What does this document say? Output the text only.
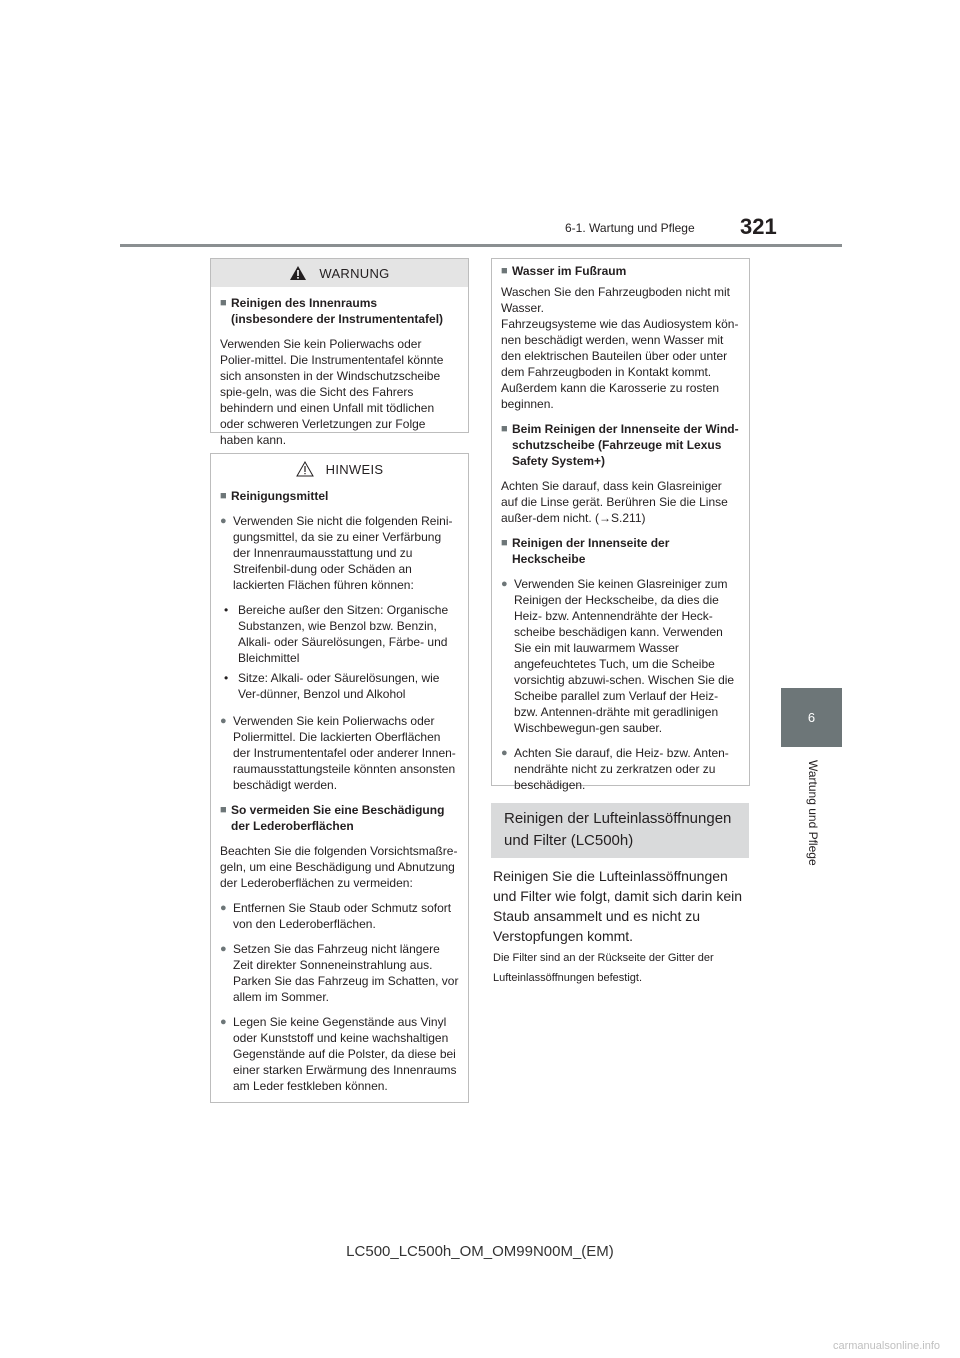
6-1. Wartung und Pflege 321
6
Wartung und Pflege
WARNUNG
■ Reinigen des Innenraums (insbesondere der Instrumententafel)

Verwenden Sie kein Polierwachs oder Polier-mittel. Die Instrumententafel könnte sich ansonsten in der Windschutzscheibe spie-geln, was die Sicht des Fahrers behindern und einen Unfall mit tödlichen oder schweren Verletzungen zur Folge haben kann.

HINWEIS
■ Reinigungsmittel
● Verwenden Sie nicht die folgenden Reini-gungsmittel, da sie zu einer Verfärbung der Innenraumausstattung und zu Streifenbil-dung oder Schäden an lackierten Flächen führen können:
• Bereiche außer den Sitzen: Organische Substanzen, wie Benzol bzw. Benzin, Alkali- oder Säurelösungen, Färbe- und Bleichmittel
• Sitze: Alkali- oder Säurelösungen, wie Ver-dünner, Benzol und Alkohol
● Verwenden Sie kein Polierwachs oder Poliermittel. Die lackierten Oberflächen der Instrumententafel oder anderer Innen-raumausstattungsteile könnten ansonsten beschädigt werden.
■ So vermeiden Sie eine Beschädigung der Lederoberflächen

Beachten Sie die folgenden Vorsichtsmaßre-geln, um eine Beschädigung und Abnutzung der Lederoberflächen zu vermeiden:

● Entfernen Sie Staub oder Schmutz sofort von den Lederoberflächen.
● Setzen Sie das Fahrzeug nicht längere Zeit direkter Sonneneinstrahlung aus. Parken Sie das Fahrzeug im Schatten, vor allem im Sommer.
● Legen Sie keine Gegenstände aus Vinyl oder Kunststoff und keine wachshaltigen Gegenstände auf die Polster, da diese bei einer starken Erwärmung des Innenraums am Leder festkleben können.
■ Wasser im Fußraum

Waschen Sie den Fahrzeugboden nicht mit Wasser.

Fahrzeugsysteme wie das Audiosystem kön-nen beschädigt werden, wenn Wasser mit den elektrischen Bauteilen über oder unter dem Fahrzeugboden in Kontakt kommt. Außerdem kann die Karosserie zu rosten beginnen.

■ Beim Reinigen der Innenseite der Wind-schutzscheibe (Fahrzeuge mit Lexus Safety System+)

Achten Sie darauf, dass kein Glasreiniger auf die Linse gerät. Berühren Sie die Linse außer-dem nicht. (→S.211)

■ Reinigen der Innenseite der Heckscheibe
● Verwenden Sie keinen Glasreiniger zum Reinigen der Heckscheibe, da dies die Heiz- bzw. Antennendrähte der Heck-scheibe beschädigen kann. Verwenden Sie ein mit lauwarmem Wasser angefeuchtetes Tuch, um die Scheibe vorsichtig abzuwi-schen. Wischen Sie die Scheibe parallel zum Verlauf der Heiz- bzw. Antennen-drähte mit geradlinigen Wischbewegun-gen sauber.
● Achten Sie darauf, die Heiz- bzw. Anten-nendrähte nicht zu zerkratzen oder zu beschädigen.
Reinigen der Lufteinlassöffnungen
und Filter (LC500h)
Reinigen Sie die Lufteinlassöffnungen und Filter wie folgt, damit sich darin kein Staub ansammelt und es nicht zu Verstopfungen kommt.
Die Filter sind an der Rückseite der Gitter der Lufteinlassöffnungen befestigt.
LC500_LC500h_OM_OM99N00M_(EM)
carmanualsonline.info
